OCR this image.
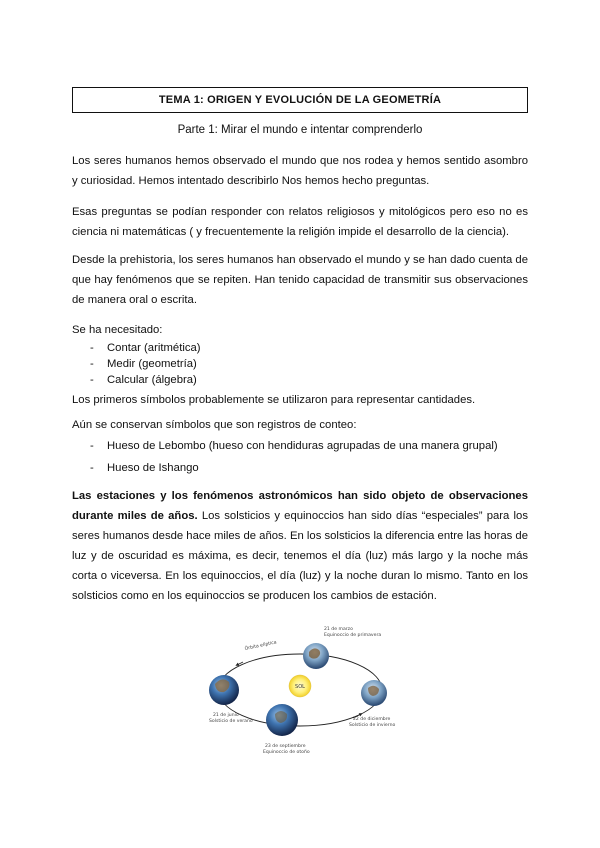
TEMA 1: ORIGEN Y EVOLUCIÓN DE LA GEOMETRÍA
Parte 1: Mirar el mundo e intentar comprenderlo

Los seres humanos hemos observado el mundo que nos rodea y hemos sentido asombro y curiosidad. Hemos intentado describirlo Nos hemos hecho preguntas.

Esas preguntas se podían responder con relatos religiosos y mitológicos pero eso no es ciencia ni matemáticas ( y frecuentemente la religión impide el desarrollo de la ciencia).

Desde la prehistoria, los seres humanos han observado el mundo y se han dado cuenta de que hay fenómenos que se repiten. Han tenido capacidad de transmitir sus observaciones de manera oral o escrita.

Se ha necesitado:

- Contar (aritmética)
- Medir (geometría)
- Calcular (álgebra)

Los primeros símbolos probablemente se utilizaron para representar cantidades.

Aún se conservan símbolos que son registros de conteo:

- Hueso de Lebombo (hueso con hendiduras agrupadas de una manera grupal)
- Hueso de Ishango

Las estaciones y los fenómenos astronómicos han sido objeto de observaciones durante miles de años. Los solsticios y equinoccios han sido días “especiales” para los seres humanos desde hace miles de años. En los solsticios la diferencia entre las horas de luz y de oscuridad es máxima, es decir, tenemos el día (luz) más largo y la noche más corta o viceversa. En los equinoccios, el día (luz) y la noche duran lo mismo. Tanto en los solsticios como en los equinoccios se producen los cambios de estación.

Órbita elíptica
SOL
21 de marzo
Equinoccio de primavera
21 de junio
Solsticio de verano
23 de septiembre
Equinoccio de otoño
22 de diciembre
Solsticio de invierno
